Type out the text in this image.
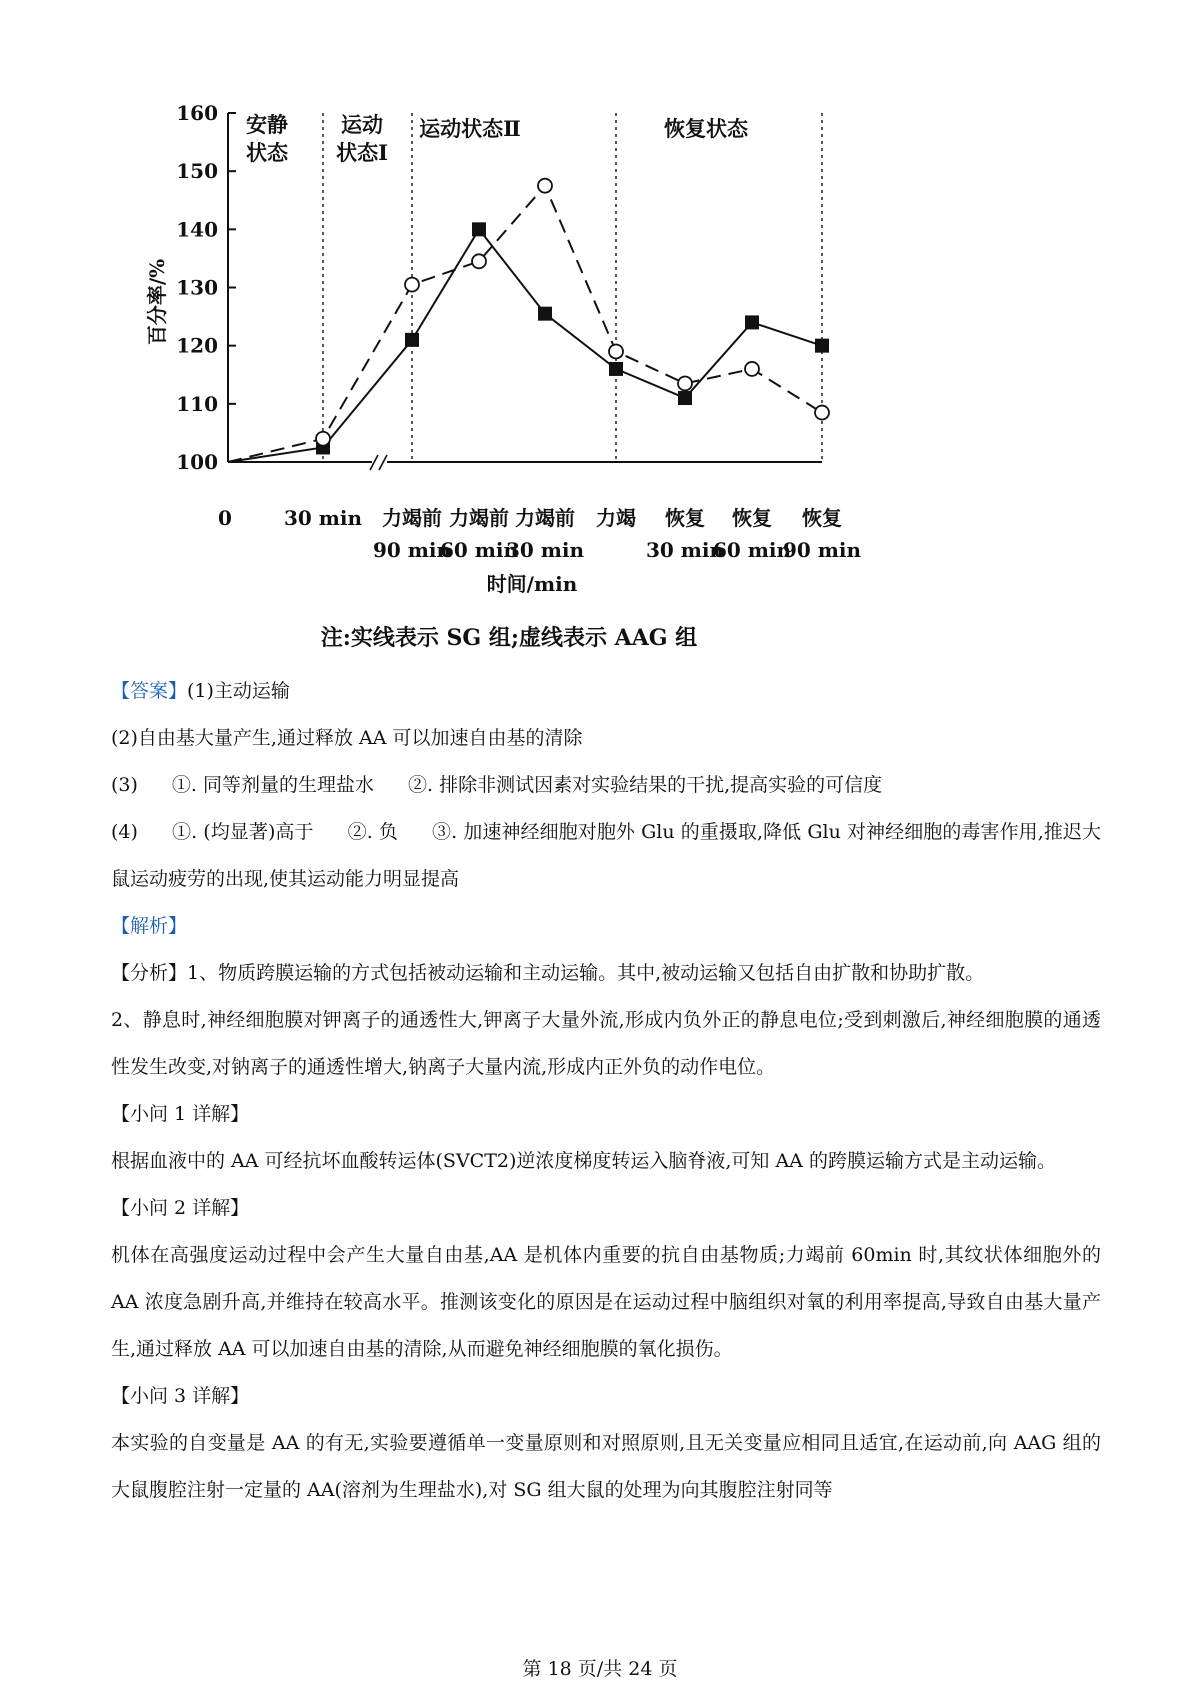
安静
状态
运动
状态Ⅰ
运动状态Ⅱ	恢复状态
100
110
120
130
140
150
160
0	30 min 力竭前
90 min
力竭前
60 min
力竭前
30 min
力竭 恢复
30 min
恢复
60 min
恢复
90 min
百分率/%
时间/min
注:实线表示 SG 组;虚线表示 AAG 组

【答案】(1)主动运输

(2)自由基大量产生,通过释放 AA 可以加速自由基的清除

(3) ①. 同等剂量的生理盐水 ②. 排除非测试因素对实验结果的干扰,提高实验的可信度

(4) ①. (均显著)高于 ②. 负 ③. 加速神经细胞对胞外 Glu 的重摄取,降低 Glu 对神经细胞的毒害作用,推迟大鼠运动疲劳的出现,使其运动能力明显提高

【解析】

【分析】1、物质跨膜运输的方式包括被动运输和主动运输。其中,被动运输又包括自由扩散和协助扩散。

2、静息时,神经细胞膜对钾离子的通透性大,钾离子大量外流,形成内负外正的静息电位;受到刺激后,神经细胞膜的通透性发生改变,对钠离子的通透性增大,钠离子大量内流,形成内正外负的动作电位。

【小问 1 详解】

根据血液中的 AA 可经抗坏血酸转运体(SVCT2)逆浓度梯度转运入脑脊液,可知 AA 的跨膜运输方式是主动运输。

【小问 2 详解】

机体在高强度运动过程中会产生大量自由基,AA 是机体内重要的抗自由基物质;力竭前 60min 时,其纹状体细胞外的 AA 浓度急剧升高,并维持在较高水平。推测该变化的原因是在运动过程中脑组织对氧的利用率提高,导致自由基大量产生,通过释放 AA 可以加速自由基的清除,从而避免神经细胞膜的氧化损伤。

【小问 3 详解】

本实验的自变量是 AA 的有无,实验要遵循单一变量原则和对照原则,且无关变量应相同且适宜,在运动前,向 AAG 组的大鼠腹腔注射一定量的 AA(溶剂为生理盐水),对 SG 组大鼠的处理为向其腹腔注射同等

第 18 页/共 24 页
